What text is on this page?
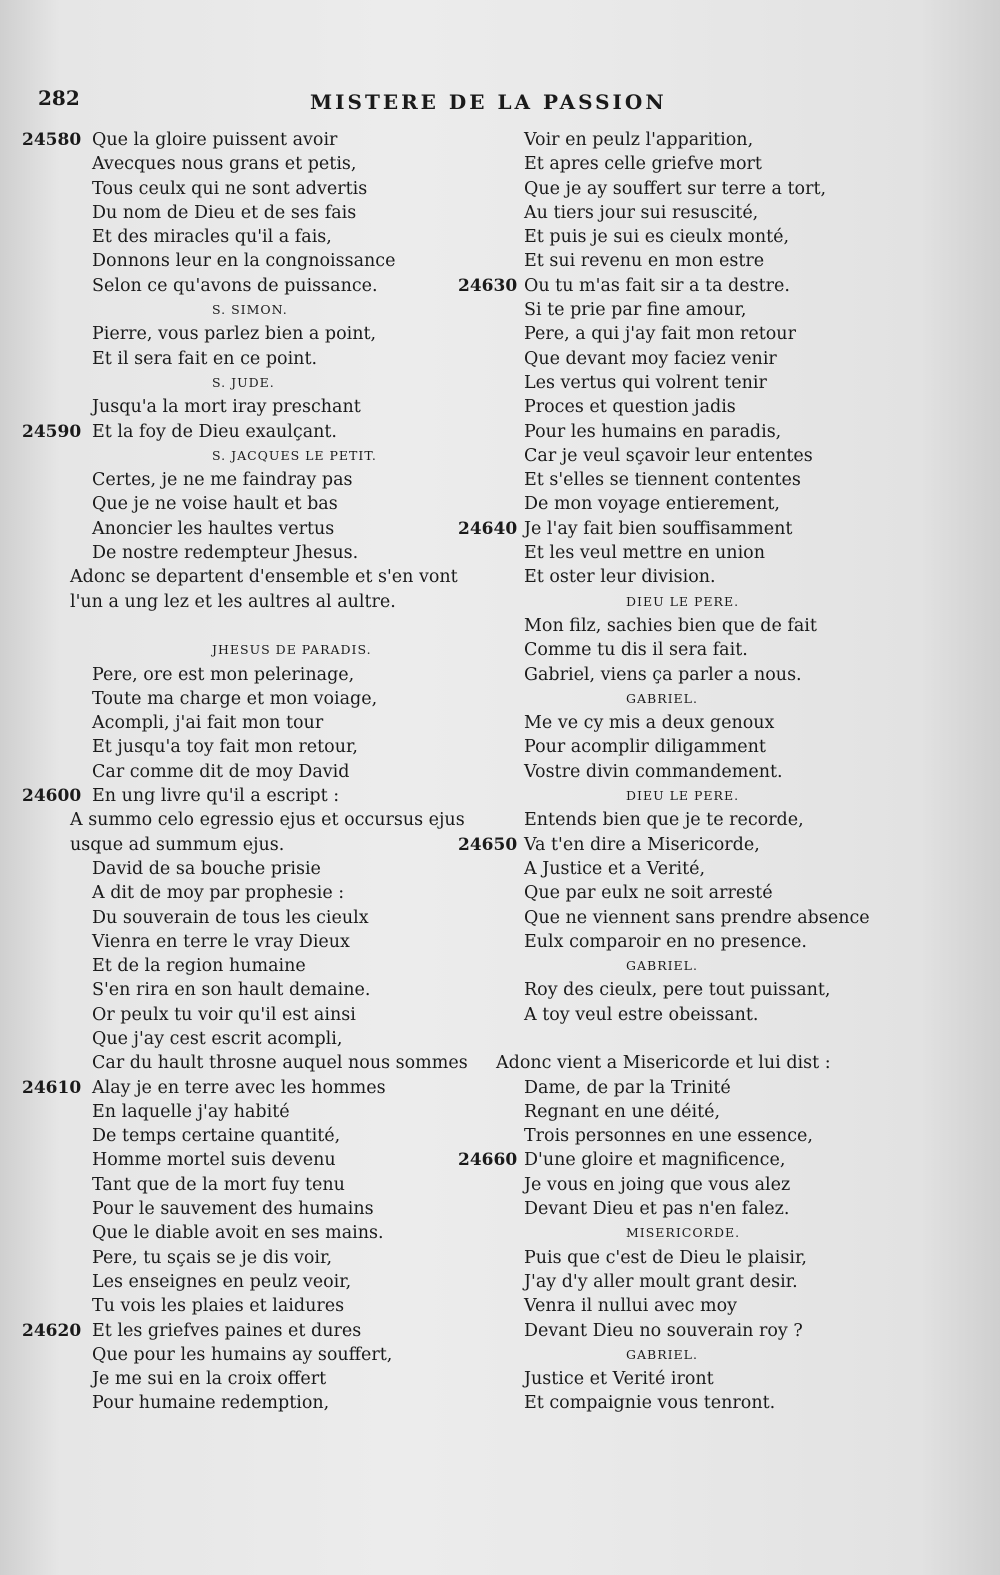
282	MISTERE DE LA PASSION
24580 Que la gloire puissent avoir
Avecques nous grans et petis,
Tous ceulx qui ne sont advertis
Du nom de Dieu et de ses fais
Et des miracles qu'il a fais,
Donnons leur en la congnoissance
Selon ce qu'avons de puissance.
S. SIMON.
Pierre, vous parlez bien a point,
Et il sera fait en ce point.
S. JUDE.
Jusqu'a la mort iray preschant
24590 Et la foy de Dieu exaulçant.
S. JACQUES LE PETIT.
Certes, je ne me faindray pas
Que je ne voise hault et bas
Anoncier les haultes vertus
De nostre redempteur Jhesus.
Adonc se departent d'ensemble et s'en vont
l'un a ung lez et les aultres al aultre.
JHESUS DE PARADIS.
Pere, ore est mon pelerinage,
Toute ma charge et mon voiage,
Acompli, j'ai fait mon tour
Et jusqu'a toy fait mon retour,
Car comme dit de moy David
24600 En ung livre qu'il a escript :
A summo celo egressio ejus et occursus ejus
usque ad summum ejus.
David de sa bouche prisie
A dit de moy par prophesie :
Du souverain de tous les cieulx
Vienra en terre le vray Dieux
Et de la region humaine
S'en rira en son hault demaine.
Or peulx tu voir qu'il est ainsi
Que j'ay cest escrit acompli,
Car du hault throsne auquel nous sommes
24610 Alay je en terre avec les hommes
En laquelle j'ay habité
De temps certaine quantité,
Homme mortel suis devenu
Tant que de la mort fuy tenu
Pour le sauvement des humains
Que le diable avoit en ses mains.
Pere, tu sçais se je dis voir,
Les enseignes en peulz veoir,
Tu vois les plaies et laidures
24620 Et les griefves paines et dures
Que pour les humains ay souffert,
Je me sui en la croix offert
Pour humaine redemption,
Voir en peulz l'apparition,
Et apres celle griefve mort
Que je ay souffert sur terre a tort,
Au tiers jour sui resuscité,
Et puis je sui es cieulx monté,
Et sui revenu en mon estre
24630 Ou tu m'as fait sir a ta destre.
Si te prie par fine amour,
Pere, a qui j'ay fait mon retour
Que devant moy faciez venir
Les vertus qui volrent tenir
Proces et question jadis
Pour les humains en paradis,
Car je veul sçavoir leur ententes
Et s'elles se tiennent contentes
De mon voyage entierement,
24640 Je l'ay fait bien souffisamment
Et les veul mettre en union
Et oster leur division.
DIEU LE PERE.
Mon filz, sachies bien que de fait
Comme tu dis il sera fait.
Gabriel, viens ça parler a nous.
GABRIEL.
Me ve cy mis a deux genoux
Pour acomplir diligamment
Vostre divin commandement.
DIEU LE PERE.
Entends bien que je te recorde,
24650 Va t'en dire a Misericorde,
A Justice et a Verité,
Que par eulx ne soit arresté
Que ne viennent sans prendre absence
Eulx comparoir en no presence.
GABRIEL.
Roy des cieulx, pere tout puissant,
A toy veul estre obeissant.
Adonc vient a Misericorde et lui dist :
Dame, de par la Trinité
Regnant en une déité,
Trois personnes en une essence,
24660 D'une gloire et magnificence,
Je vous en joing que vous alez
Devant Dieu et pas n'en falez.
MISERICORDE.
Puis que c'est de Dieu le plaisir,
J'ay d'y aller moult grant desir.
Venra il nullui avec moy
Devant Dieu no souverain roy ?
GABRIEL.
Justice et Verité iront
Et compaignie vous tenront.
